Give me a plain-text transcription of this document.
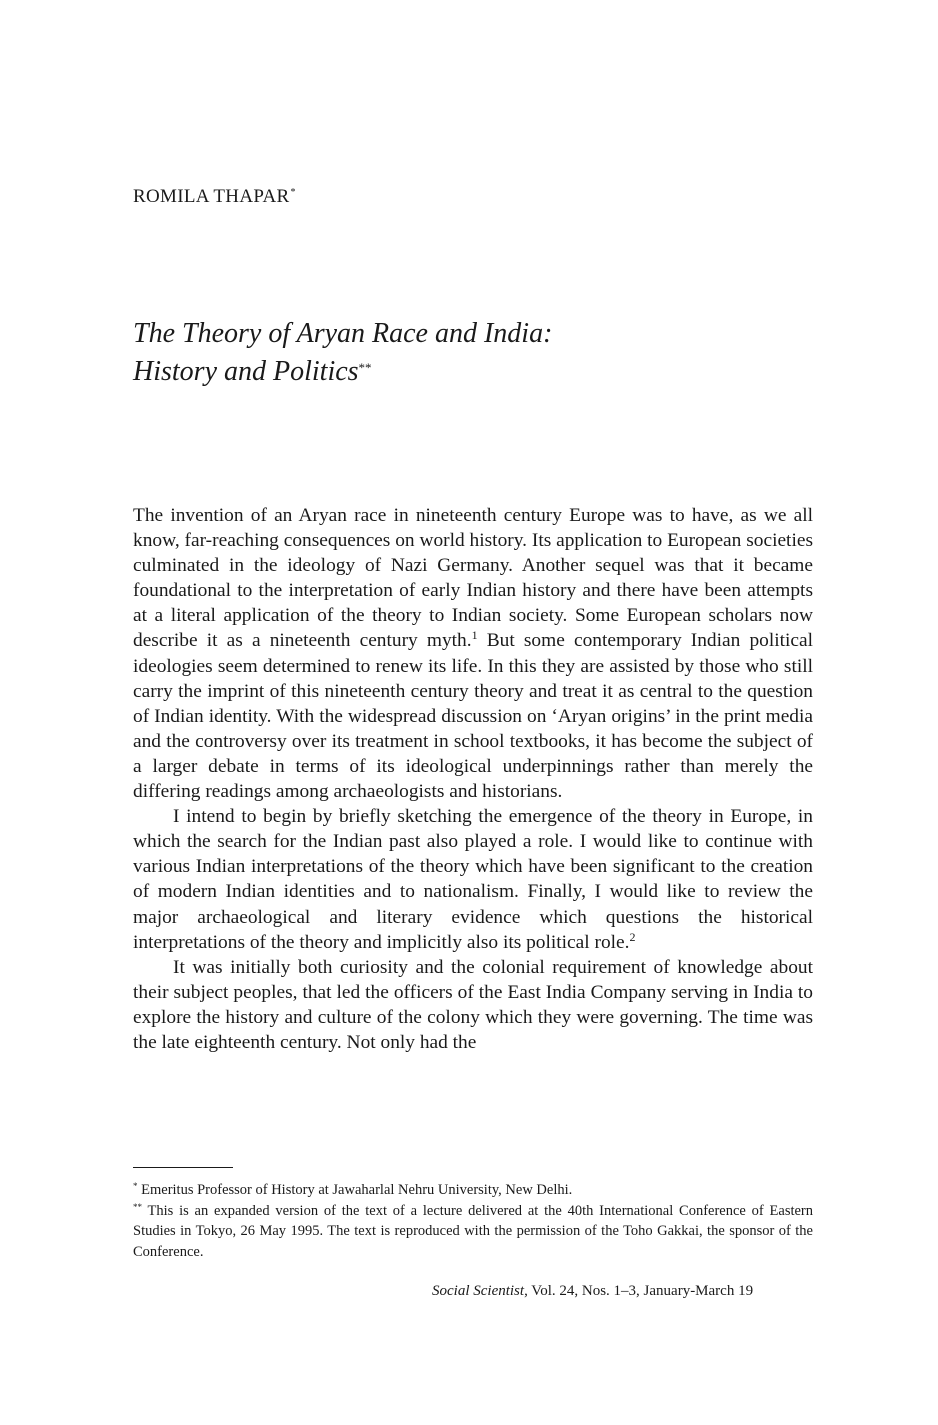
ROMILA THAPAR*
The Theory of Aryan Race and India:
History and Politics**

The invention of an Aryan race in nineteenth century Europe was to have, as we all know, far-reaching consequences on world history. Its application to European societies culminated in the ideology of Nazi Germany. Another sequel was that it became foundational to the interpretation of early Indian history and there have been attempts at a literal application of the theory to Indian society. Some European scholars now describe it as a nineteenth century myth.$^1$ But some contemporary Indian political ideologies seem determined to renew its life. In this they are assisted by those who still carry the imprint of this nineteenth century theory and treat it as central to the question of Indian identity. With the widespread discussion on ‘Aryan origins’ in the print media and the controversy over its treatment in school textbooks, it has become the subject of a larger debate in terms of its ideological underpinnings rather than merely the differing readings among archaeologists and historians.

I intend to begin by briefly sketching the emergence of the theory in Europe, in which the search for the Indian past also played a role. I would like to continue with various Indian interpretations of the theory which have been significant to the creation of modern Indian identities and to nationalism. Finally, I would like to review the major archaeological and literary evidence which questions the historical interpretations of the theory and implicitly also its political role.$^2$

It was initially both curiosity and the colonial requirement of knowledge about their subject peoples, that led the officers of the East India Company serving in India to explore the history and culture of the colony which they were governing. The time was the late eighteenth century. Not only had the

* Emeritus Professor of History at Jawaharlal Nehru University, New Delhi.

** This is an expanded version of the text of a lecture delivered at the 40th International Conference of Eastern Studies in Tokyo, 26 May 1995. The text is reproduced with the permission of the Toho Gakkai, the sponsor of the Conference.

Social Scientist, Vol. 24, Nos. 1–3, January-March 19
